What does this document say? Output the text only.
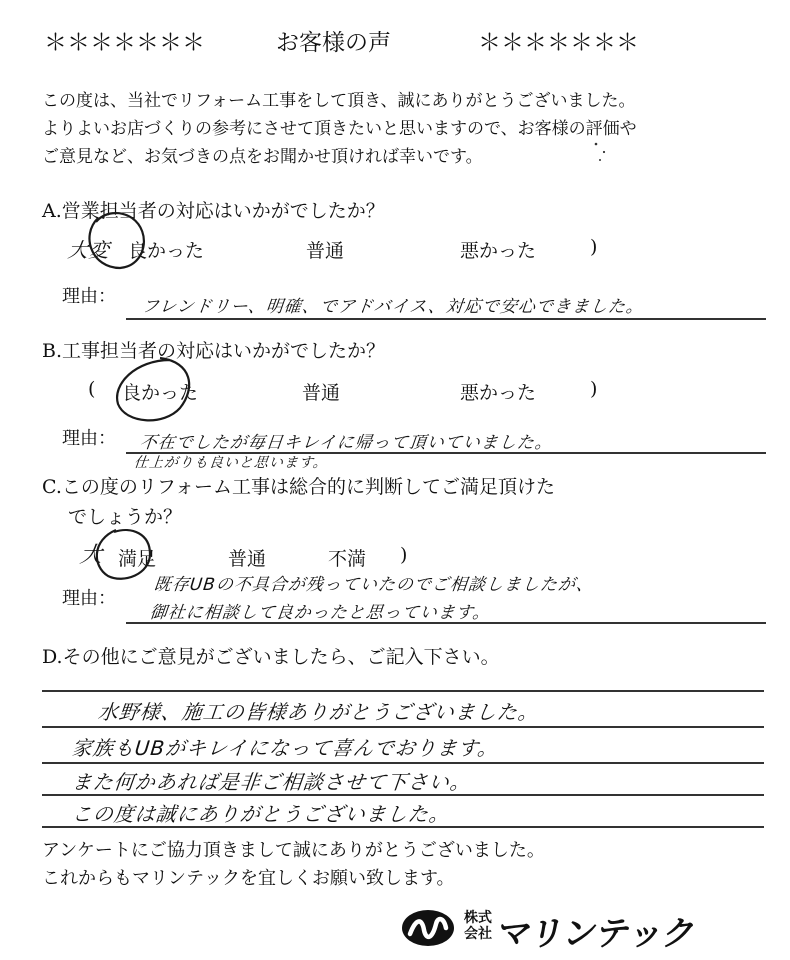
＊＊＊＊＊＊＊	お客様の声	＊＊＊＊＊＊＊
この度は、当社でリフォーム工事をして頂き、誠にありがとうございました。
よりよいお店づくりの参考にさせて頂きたいと思いますので、お客様の評価や
ご意見など、お気づきの点をお聞かせ頂ければ幸いです。
A.営業担当者の対応はいかがでしたか？
大変 良かった	普通	悪かった	)
理由： フレンドリー、明確、でアドバイス、対応で安心できました。
B.工事担当者の対応はいかがでしたか？
( 良かった	普通	悪かった	)
理由： 不在でしたが毎日キレイに帰って頂いていました。
仕上がりも良いと思います。
C.この度のリフォーム工事は総合的に判断してご満足頂けた
でしょうか？
大 満足	普通	不満 )
理由：
既存UBの不具合が残っていたのでご相談しましたが、
御社に相談して良かったと思っています。
D.その他にご意見がございましたら、ご記入下さい。
水野様、施工の皆様ありがとうございました。
家族もUBがキレイになって喜んでおります。
また何かあれば是非ご相談させて下さい。
この度は誠にありがとうございました。
アンケートにご協力頂きまして誠にありがとうございました。
これからもマリンテックを宜しくお願い致します。
株式
会社 マリンテック
